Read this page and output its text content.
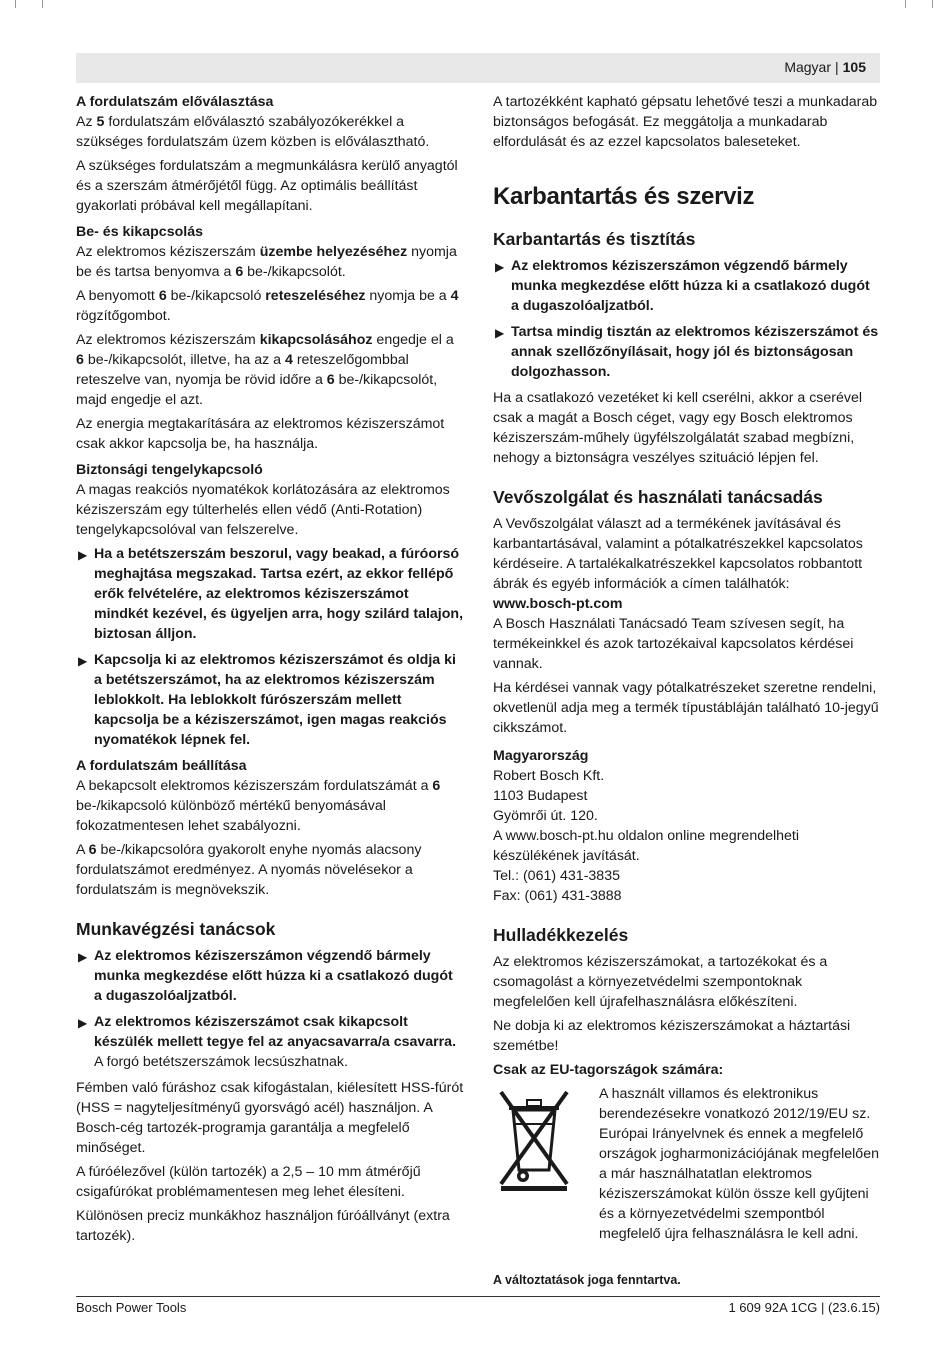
Magyar | 105
A fordulatszám előválasztása

Az 5 fordulatszám előválasztó szabályozókerékkel a szükséges fordulatszám üzem közben is előválasztható.

A szükséges fordulatszám a megmunkálásra kerülő anyagtól és a szerszám átmérőjétől függ. Az optimális beállítást gyakorlati próbával kell megállapítani.

Be- és kikapcsolás

Az elektromos kéziszerszám üzembe helyezéséhez nyomja be és tartsa benyomva a 6 be-/kikapcsolót.

A benyomott 6 be-/kikapcsoló reteszeléséhez nyomja be a 4 rögzítőgombot.

Az elektromos kéziszerszám kikapcsolásához engedje el a 6 be-/kikapcsolót, illetve, ha az a 4 reteszelőgombbal reteszelve van, nyomja be rövid időre a 6 be-/kikapcsolót, majd engedje el azt.

Az energia megtakarítására az elektromos kéziszerszámot csak akkor kapcsolja be, ha használja.

Biztonsági tengelykapcsoló

A magas reakciós nyomatékok korlátozására az elektromos kéziszerszám egy túlterhelés ellen védő (Anti-Rotation) tengelykapcsolóval van felszerelve.

▶ Ha a betétszerszám beszorul, vagy beakad, a fúróorsó meghajtása megszakad. Tartsa ezért, az ekkor fellépő erők felvételére, az elektromos kéziszerszámot mindkét kezével, és ügyeljen arra, hogy szilárd talajon, biztosan álljon.
▶ Kapcsolja ki az elektromos kéziszerszámot és oldja ki a betétszerszámot, ha az elektromos kéziszerszám leblokkolt. Ha leblokkolt fúrószerszám mellett kapcsolja be a kéziszerszámot, igen magas reakciós nyomatékok lépnek fel.
A fordulatszám beállítása

A bekapcsolt elektromos kéziszerszám fordulatszámát a 6 be-/kikapcsoló különböző mértékű benyomásával fokozatmentesen lehet szabályozni.

A 6 be-/kikapcsolóra gyakorolt enyhe nyomás alacsony fordulatszámot eredményez. A nyomás növelésekor a fordulatszám is megnövekszik.

Munkavégzési tanácsok
▶ Az elektromos kéziszerszámon végzendő bármely munka megkezdése előtt húzza ki a csatlakozó dugót a dugaszolóaljzatból.
▶ Az elektromos kéziszerszámot csak kikapcsolt készülék mellett tegye fel az anyacsavarra/a csavarra. A forgó betétszerszámok lecsúszhatnak.

Fémben való fúráshoz csak kifogástalan, kiélesített HSS-fúrót (HSS = nagyteljesítményű gyorsvágó acél) használjon. A Bosch-cég tartozék-programja garantálja a megfelelő minőséget.

A fúróélezővel (külön tartozék) a 2,5 – 10 mm átmérőjű csigafúrókat problémamentesen meg lehet élesíteni.

Különösen preciz munkákhoz használjon fúróállványt (extra tartozék).

A tartozékként kapható gépsatu lehetővé teszi a munkadarab biztonságos befogását. Ez meggátolja a munkadarab elfordulását és az ezzel kapcsolatos baleseteket.

Karbantartás és szerviz
Karbantartás és tisztítás
▶ Az elektromos kéziszerszámon végzendő bármely munka megkezdése előtt húzza ki a csatlakozó dugót a dugaszolóaljzatból.
▶ Tartsa mindig tisztán az elektromos kéziszerszámot és annak szellőzőnyílásait, hogy jól és biztonságosan dolgozhasson.

Ha a csatlakozó vezetéket ki kell cserélni, akkor a cserével csak a magát a Bosch céget, vagy egy Bosch elektromos kéziszerszám-műhely ügyfélszolgálatát szabad megbízni, nehogy a biztonságra veszélyes szituáció lépjen fel.

Vevőszolgálat és használati tanácsadás

A Vevőszolgálat választ ad a termékének javításával és karbantartásával, valamint a pótalkatrészekkel kapcsolatos kérdéseire. A tartalékalkatrészekkel kapcsolatos robbantott ábrák és egyéb információk a címen találhatók:
www.bosch-pt.com

A Bosch Használati Tanácsadó Team szívesen segít, ha termékeinkkel és azok tartozékaival kapcsolatos kérdései vannak.

Ha kérdései vannak vagy pótalkatrészeket szeretne rendelni, okvetlenül adja meg a termék típustábláján található 10-jegyű cikkszámot.

Magyarország

Robert Bosch Kft.

1103 Budapest

Gyömrői út. 120.

A www.bosch-pt.hu oldalon online megrendelheti készülékének javítását.

Tel.: (061) 431-3835

Fax: (061) 431-3888

Hulladékkezelés

Az elektromos kéziszerszámokat, a tartozékokat és a csomagolást a környezetvédelmi szempontoknak megfelelően kell újrafelhasználásra előkészíteni.

Ne dobja ki az elektromos kéziszerszámokat a háztartási szemétbe!

Csak az EU-tagországok számára:
A használt villamos és elektronikus berendezésekre vonatkozó 2012/19/EU sz. Európai Irányelvnek és ennek a megfelelő országok jogharmonizációjának megfelelően a már használhatatlan elektromos kéziszerszámokat külön össze kell gyűjteni és a környezetvédelmi szempontból megfelelő újra felhasználásra le kell adni.
A változtatások joga fenntartva.
Bosch Power Tools	1 609 92A 1CG | (23.6.15)
